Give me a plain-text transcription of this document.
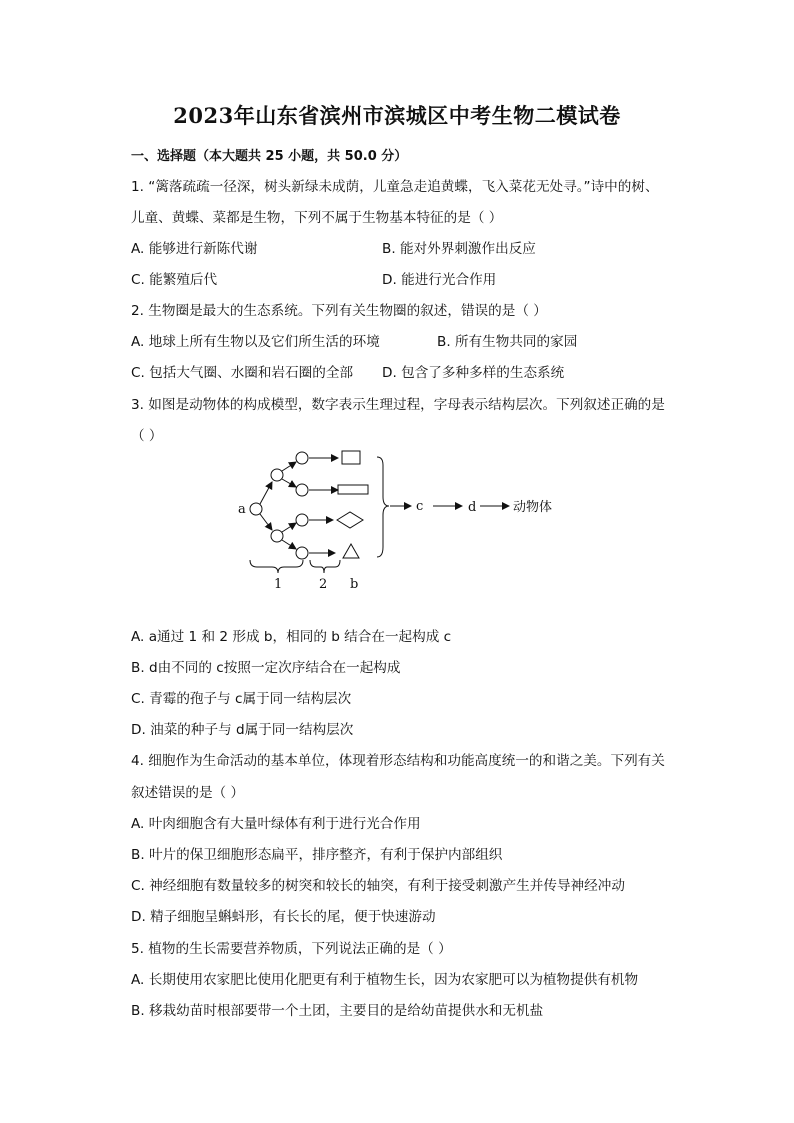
2023年山东省滨州市滨城区中考生物二模试卷
一、选择题（本大题共 25 小题，共 50.0 分）
1. “篱落疏疏一径深，树头新绿未成荫，儿童急走追黄蝶，飞入菜花无处寻。”诗中的树、
儿童、黄蝶、菜都是生物，下列不属于生物基本特征的是（ ）
A. 能够进行新陈代谢	B. 能对外界刺激作出反应
C. 能繁殖后代	D. 能进行光合作用
2. 生物圈是最大的生态系统。下列有关生物圈的叙述，错误的是（ ）
A. 地球上所有生物以及它们所生活的环境	B. 所有生物共同的家园
C. 包括大气圈、水圈和岩石圈的全部 D. 包含了多种多样的生态系统
3. 如图是动物体的构成模型，数字表示生理过程，字母表示结构层次。下列叙述正确的是
（ ）
a	c	d	动物体
1	2 b
A. a通过 1 和 2 形成 b，相同的 b 结合在一起构成 c
B. d由不同的 c按照一定次序结合在一起构成
C. 青霉的孢子与 c属于同一结构层次
D. 油菜的种子与 d属于同一结构层次
4. 细胞作为生命活动的基本单位，体现着形态结构和功能高度统一的和谐之美。下列有关
叙述错误的是（ ）
A. 叶肉细胞含有大量叶绿体有利于进行光合作用
B. 叶片的保卫细胞形态扁平，排序整齐，有利于保护内部组织
C. 神经细胞有数量较多的树突和较长的轴突，有利于接受刺激产生并传导神经冲动
D. 精子细胞呈蝌蚪形，有长长的尾，便于快速游动
5. 植物的生长需要营养物质，下列说法正确的是（ ）
A. 长期使用农家肥比使用化肥更有利于植物生长，因为农家肥可以为植物提供有机物
B. 移栽幼苗时根部要带一个土团，主要目的是给幼苗提供水和无机盐
